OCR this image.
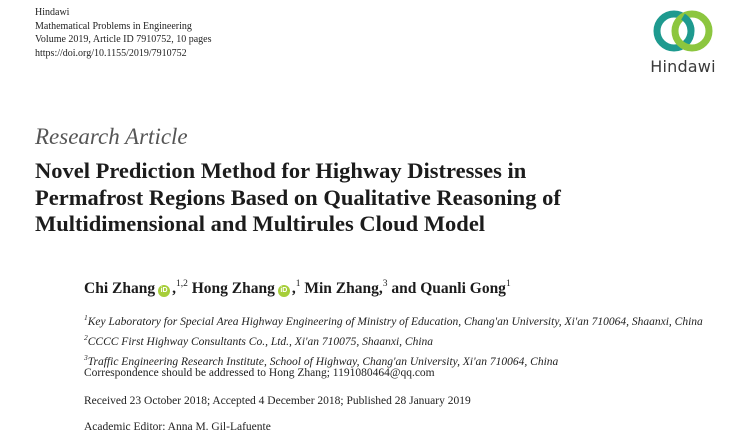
Hindawi
Mathematical Problems in Engineering
Volume 2019, Article ID 7910752, 10 pages
https://doi.org/10.1155/2019/7910752
Hindawi
Research Article
Novel Prediction Method for Highway Distresses in
Permafrost Regions Based on Qualitative Reasoning of
Multidimensional and Multirules Cloud Model
Chi Zhang iD ,$^{1,2}$ Hong Zhang iD ,$^1$ Min Zhang,$^3$ and Quanli Gong$^1$
$^1$Key Laboratory for Special Area Highway Engineering of Ministry of Education, Chang'an University, Xi'an 710064, Shaanxi, China
$^2$CCCC First Highway Consultants Co., Ltd., Xi'an 710075, Shaanxi, China
$^3$Traffic Engineering Research Institute, School of Highway, Chang'an University, Xi'an 710064, China
Correspondence should be addressed to Hong Zhang; 1191080464@qq.com
Received 23 October 2018; Accepted 4 December 2018; Published 28 January 2019
Academic Editor: Anna M. Gil-Lafuente
